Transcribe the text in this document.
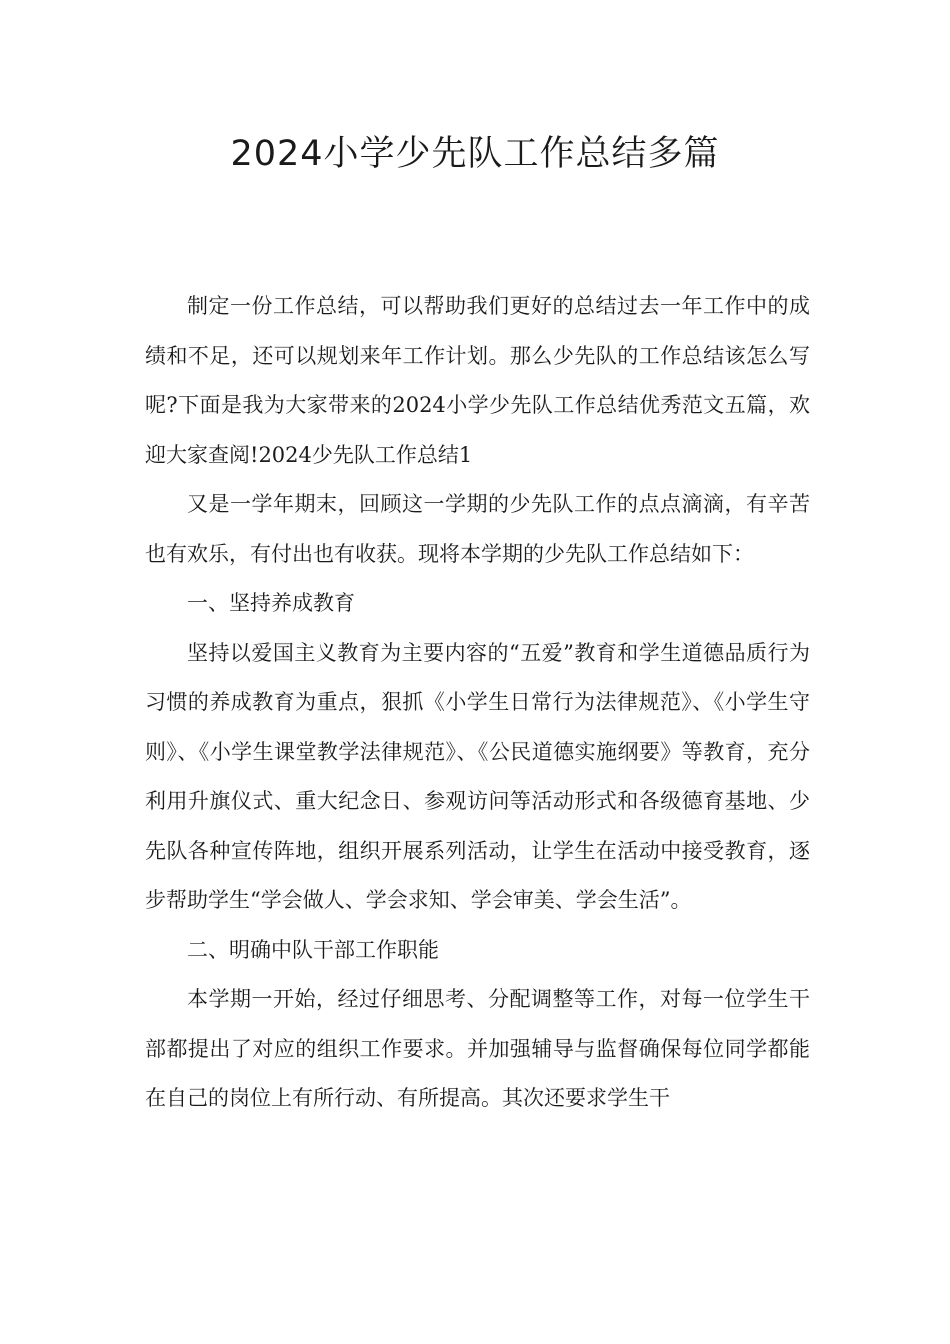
2024小学少先队工作总结多篇

制定一份工作总结，可以帮助我们更好的总结过去一年工作中的成绩和不足，还可以规划来年工作计划。那么少先队的工作总结该怎么写呢?下面是我为大家带来的2024小学少先队工作总结优秀范文五篇，欢迎大家查阅!2024少先队工作总结1

又是一学年期末，回顾这一学期的少先队工作的点点滴滴，有辛苦也有欢乐，有付出也有收获。现将本学期的少先队工作总结如下：

一、坚持养成教育

坚持以爱国主义教育为主要内容的“五爱”教育和学生道德品质行为习惯的养成教育为重点，狠抓《小学生日常行为法律规范》、《小学生守则》、《小学生课堂教学法律规范》、《公民道德实施纲要》等教育，充分利用升旗仪式、重大纪念日、参观访问等活动形式和各级德育基地、少先队各种宣传阵地，组织开展系列活动，让学生在活动中接受教育，逐步帮助学生“学会做人、学会求知、学会审美、学会生活”。

二、明确中队干部工作职能

本学期一开始，经过仔细思考、分配调整等工作，对每一位学生干部都提出了对应的组织工作要求。并加强辅导与监督确保每位同学都能在自己的岗位上有所行动、有所提高。其次还要求学生干
